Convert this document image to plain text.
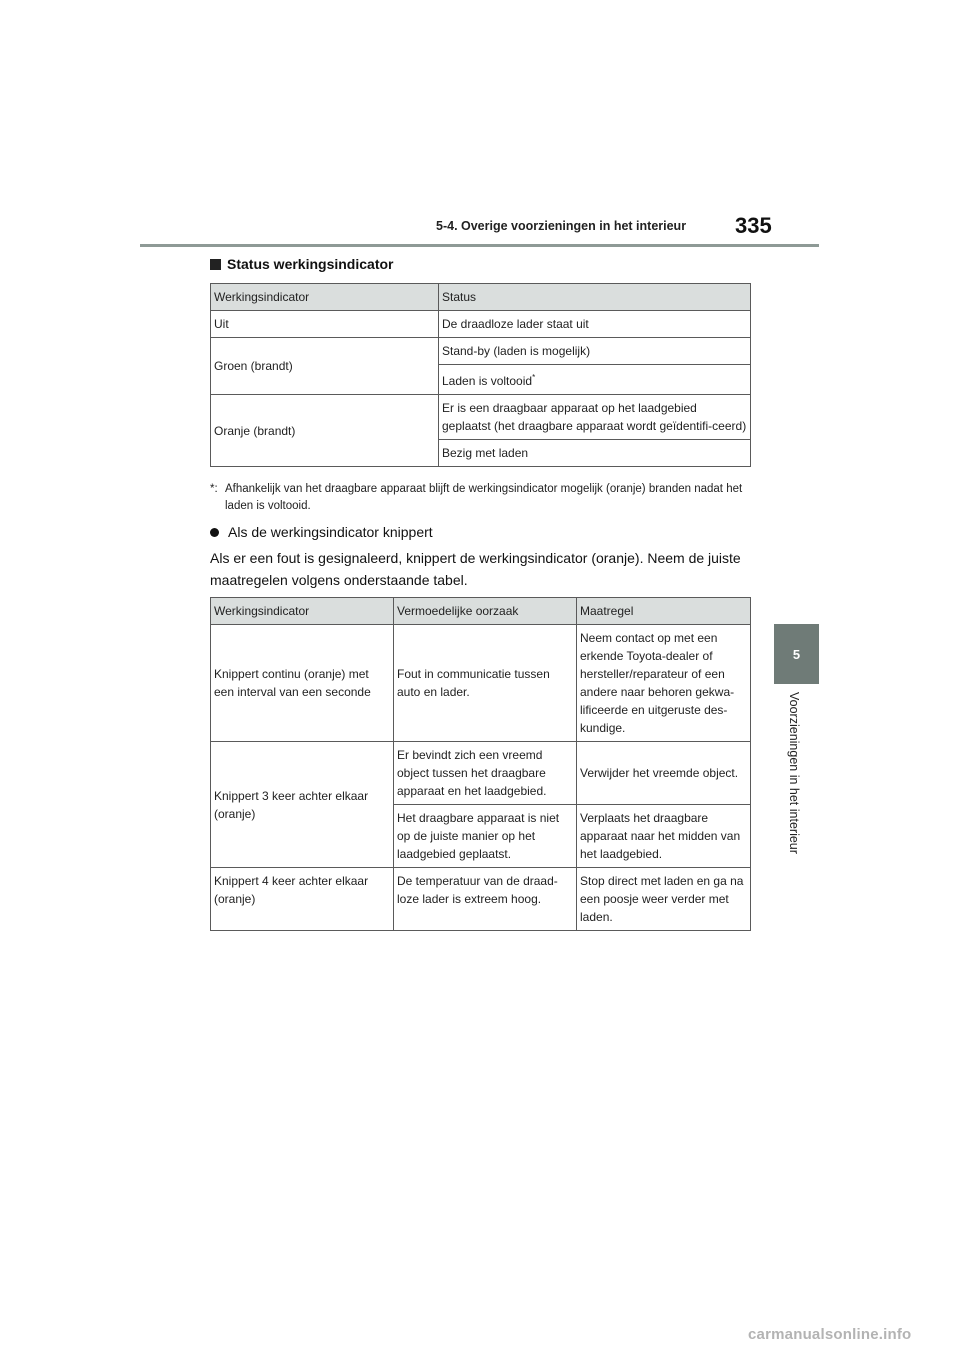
5-4. Overige voorzieningen in het interieur 335
5
Voorzieningen in het interieur
Status werkingsindicator
Werkingsindicator	Status
Uit	De draadloze lader staat uit
Groen (brandt)	Stand-by (laden is mogelijk)
	Laden is voltooid*
Oranje (brandt)	Er is een draagbaar apparaat op het laadgebied geplaatst (het draagbare apparaat wordt geïdentifi-ceerd)
	Bezig met laden
*: Afhankelijk van het draagbare apparaat blijft de werkingsindicator mogelijk (oranje) branden nadat het laden is voltooid.
Als de werkingsindicator knippert
Als er een fout is gesignaleerd, knippert de werkingsindicator (oranje). Neem de juiste maatregelen volgens onderstaande tabel.
Werkingsindicator	Vermoedelijke oorzaak	Maatregel
Knippert continu (oranje) met een interval van een seconde	Fout in communicatie tussen auto en lader.	Neem contact op met een erkende Toyota-dealer of hersteller/reparateur of een andere naar behoren gekwa-lificeerde en uitgeruste des-kundige.
Knippert 3 keer achter elkaar (oranje)	Er bevindt zich een vreemd object tussen het draagbare apparaat en het laadgebied.	Verwijder het vreemde object.
	Het draagbare apparaat is niet op de juiste manier op het laadgebied geplaatst.	Verplaats het draagbare apparaat naar het midden van het laadgebied.
Knippert 4 keer achter elkaar (oranje)	De temperatuur van de draad-loze lader is extreem hoog.	Stop direct met laden en ga na een poosje weer verder met laden.
carmanualsonline.info
